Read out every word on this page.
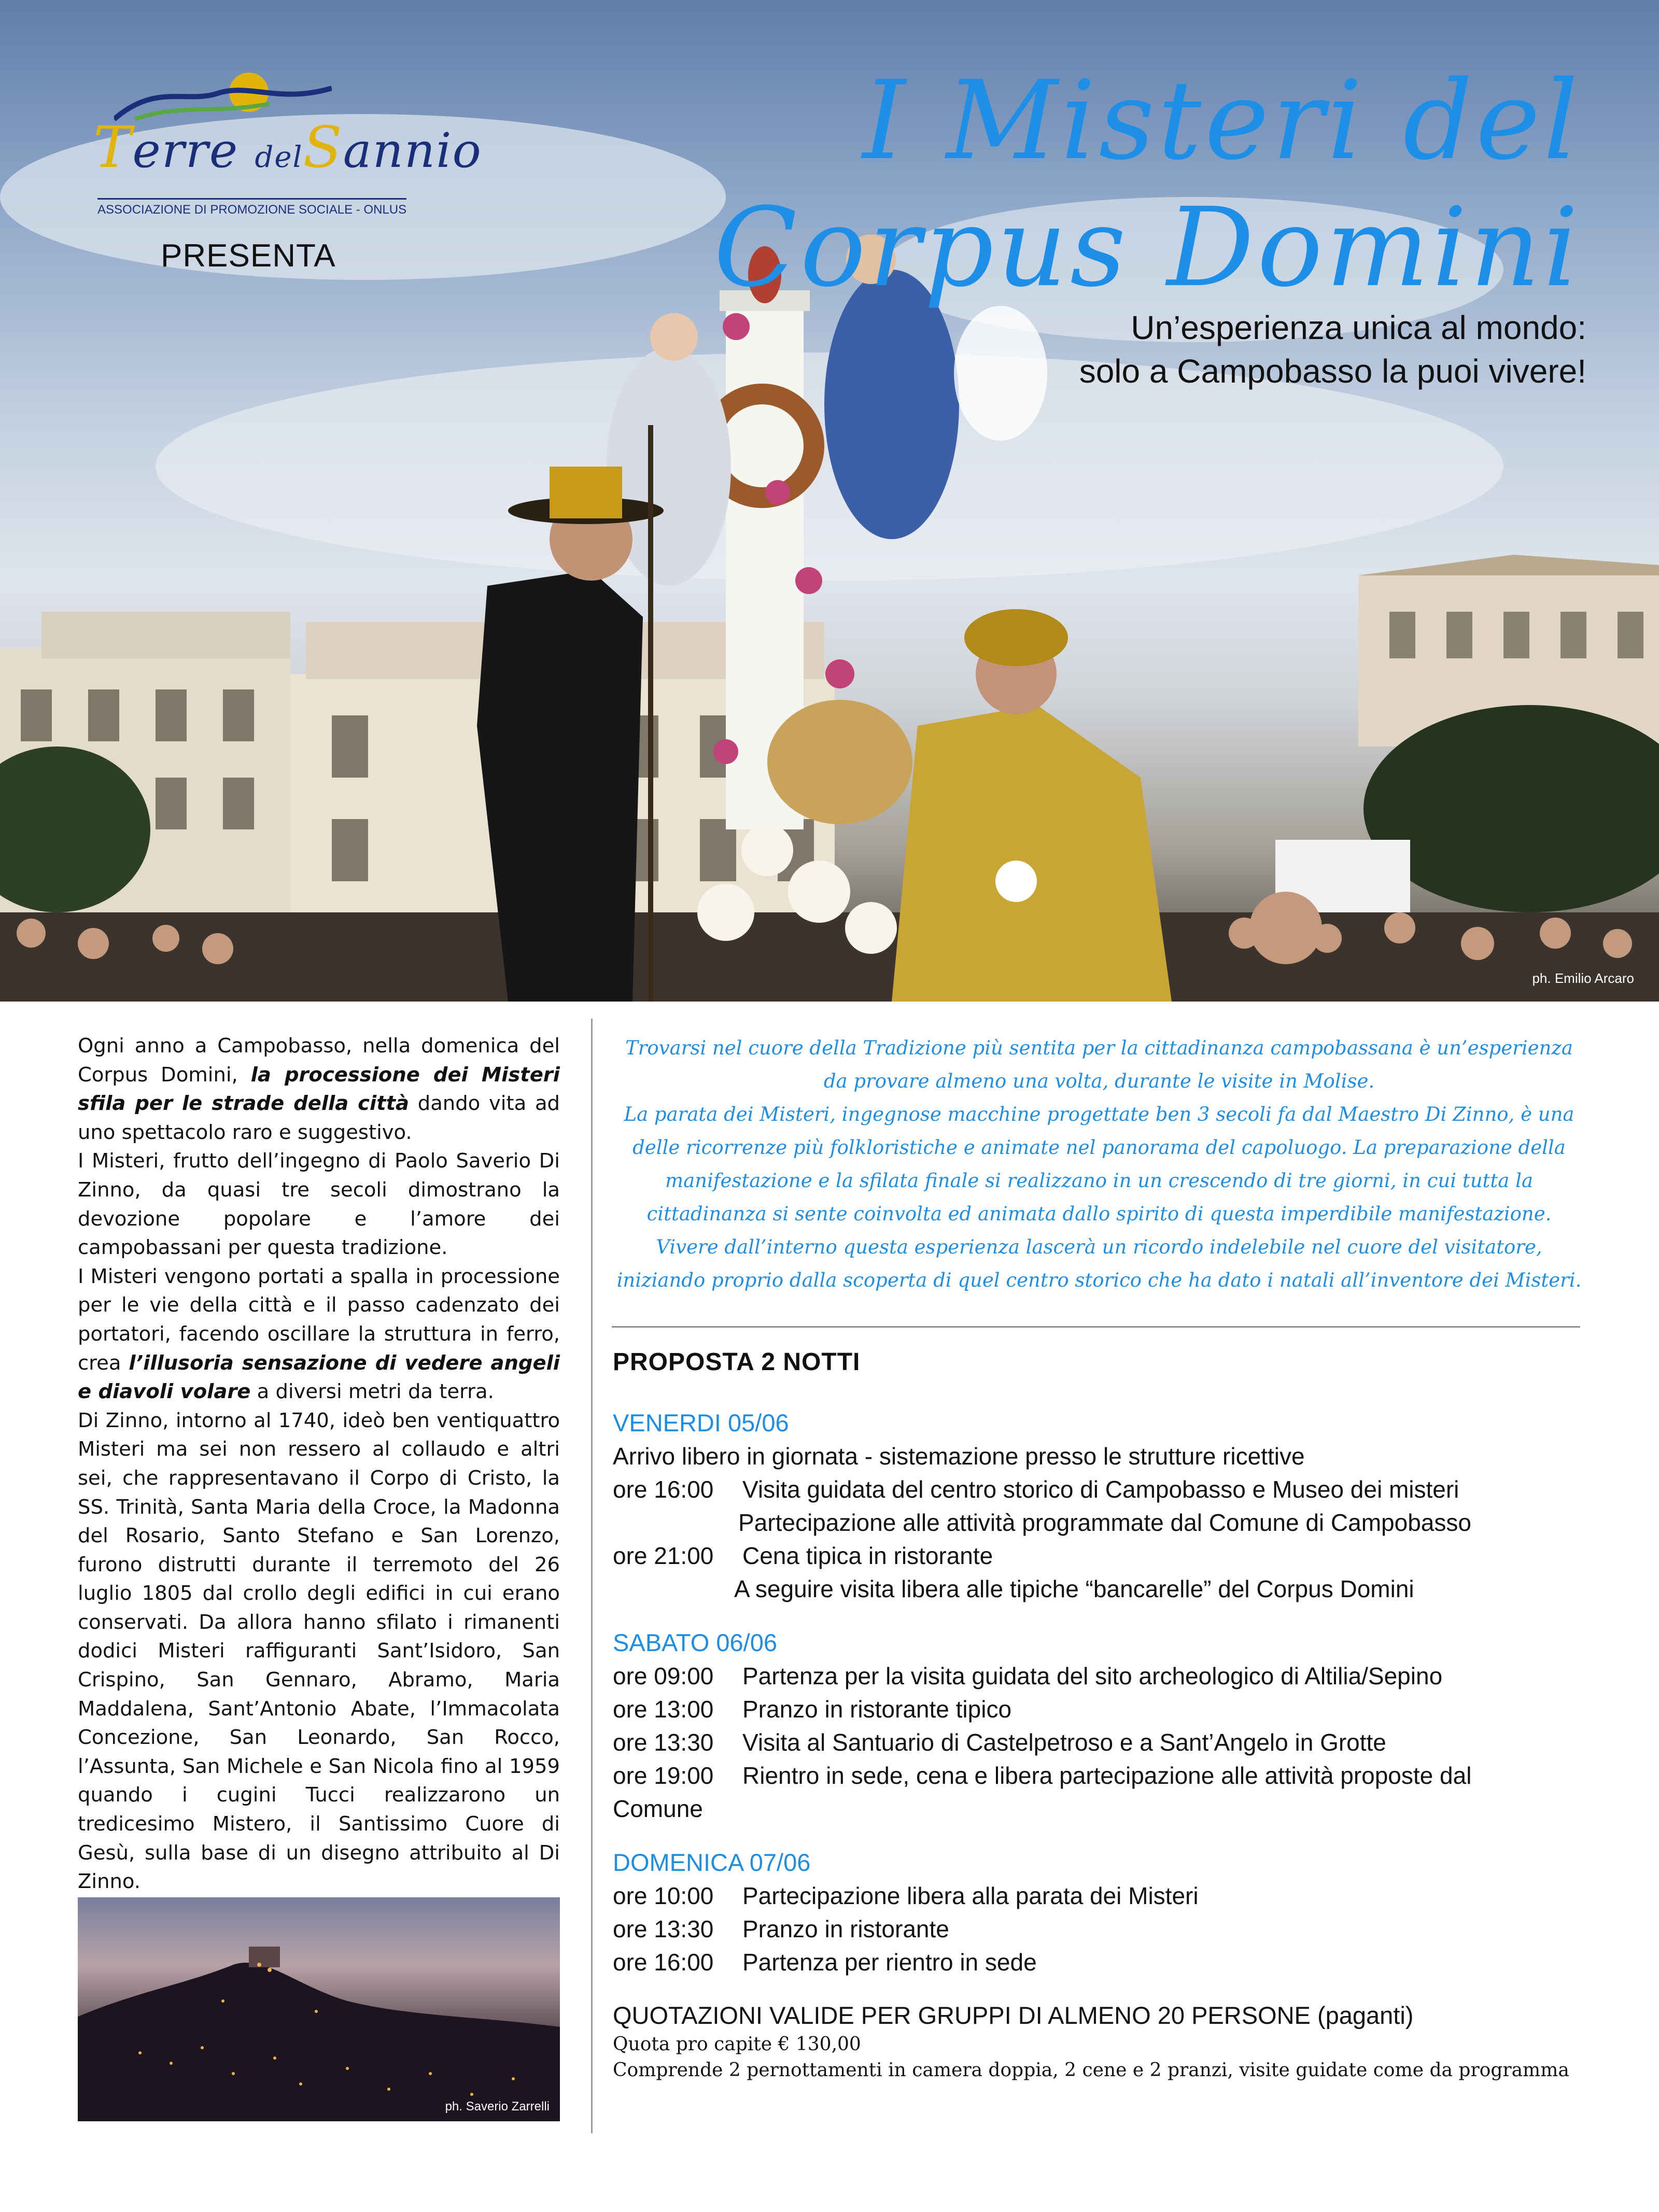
Terre delSannio
ASSOCIAZIONE DI PROMOZIONE SOCIALE - ONLUS
PRESENTA
I Misteri del
Corpus Domini
Un’esperienza unica al mondo:
solo a Campobasso la puoi vivere!
ph. Emilio Arcaro

Ogni anno a Campobasso, nella domenica del Corpus Domini, la processione dei Misteri sfila per le strade della città dando vita ad uno spettacolo raro e suggestivo.

I Misteri, frutto dell’ingegno di Paolo Saverio Di Zinno, da quasi tre secoli dimostrano la devozione popolare e l’amore dei campobassani per questa tradizione.

I Misteri vengono portati a spalla in processione per le vie della città e il passo cadenzato dei portatori, facendo oscillare la struttura in ferro, crea l’illusoria sensazione di vedere angeli e diavoli volare a diversi metri da terra.

Di Zinno, intorno al 1740, ideò ben ventiquattro Misteri ma sei non ressero al collaudo e altri sei, che rappresentavano il Corpo di Cristo, la SS. Trinità, Santa Maria della Croce, la Madonna del Rosario, Santo Stefano e San Lorenzo, furono distrutti durante il terremoto del 26 luglio 1805 dal crollo degli edifici in cui erano conservati. Da allora hanno sfilato i rimanenti dodici Misteri raffiguranti Sant’Isidoro, San Crispino, San Gennaro, Abramo, Maria Maddalena, Sant’Antonio Abate, l’Immacolata Concezione, San Leonardo, San Rocco, l’Assunta, San Michele e San Nicola fino al 1959 quando i cugini Tucci realizzarono un tredicesimo Mistero, il Santissimo Cuore di Gesù, sulla base di un disegno attribuito al Di Zinno.

ph. Saverio Zarrelli

Trovarsi nel cuore della Tradizione più sentita per la cittadinanza campobassana è un’esperienza da provare almeno una volta, durante le visite in Molise.

La parata dei Misteri, ingegnose macchine progettate ben 3 secoli fa dal Maestro Di Zinno, è una delle ricorrenze più folkloristiche e animate nel panorama del capoluogo. La preparazione della manifestazione e la sfilata finale si realizzano in un crescendo di tre giorni, in cui tutta la cittadinanza si sente coinvolta ed animata dallo spirito di questa imperdibile manifestazione.

Vivere dall’interno questa esperienza lascerà un ricordo indelebile nel cuore del visitatore, iniziando proprio dalla scoperta di quel centro storico che ha dato i natali all’inventore dei Misteri.

PROPOSTA 2 NOTTI
VENERDI 05/06
Arrivo libero in giornata - sistemazione presso le strutture ricettive
ore 16:00	Visita guidata del centro storico di Campobasso e Museo dei misteri
Partecipazione alle attività programmate dal Comune di Campobasso
ore 21:00	Cena tipica in ristorante
A seguire visita libera alle tipiche “bancarelle” del Corpus Domini
SABATO 06/06
ore 09:00	Partenza per la visita guidata del sito archeologico di Altilia/Sepino
ore 13:00	Pranzo in ristorante tipico
ore 13:30	Visita al Santuario di Castelpetroso e a Sant’Angelo in Grotte
ore 19:00	Rientro in sede, cena e libera partecipazione alle attività proposte dal
Comune
DOMENICA 07/06
ore 10:00	Partecipazione libera alla parata dei Misteri
ore 13:30	Pranzo in ristorante
ore 16:00	Partenza per rientro in sede
QUOTAZIONI VALIDE PER GRUPPI DI ALMENO 20 PERSONE (paganti)
Quota pro capite € 130,00
Comprende 2 pernottamenti in camera doppia, 2 cene e 2 pranzi, visite guidate come da programma
